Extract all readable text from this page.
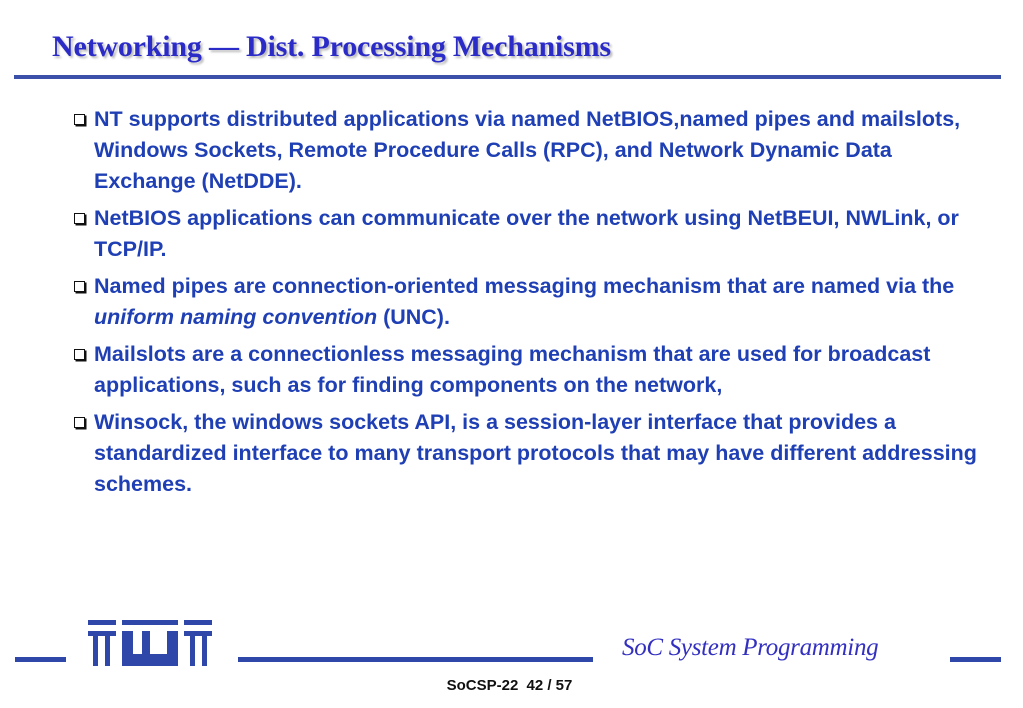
Networking — Dist. Processing Mechanisms
NT supports distributed applications via named NetBIOS,named pipes and mailslots, Windows Sockets, Remote Procedure Calls (RPC), and Network Dynamic Data Exchange (NetDDE).
NetBIOS applications can communicate over the network using NetBEUI, NWLink, or TCP/IP.
Named pipes are connection-oriented messaging mechanism that are named via the uniform naming convention (UNC).
Mailslots are a connectionless messaging mechanism that are used for broadcast applications, such as for finding components on the network,
Winsock, the windows sockets API, is a session-layer interface that provides a standardized interface to many transport protocols that may have different addressing schemes.
SoC System Programming
SoCSP-22 42 / 57
